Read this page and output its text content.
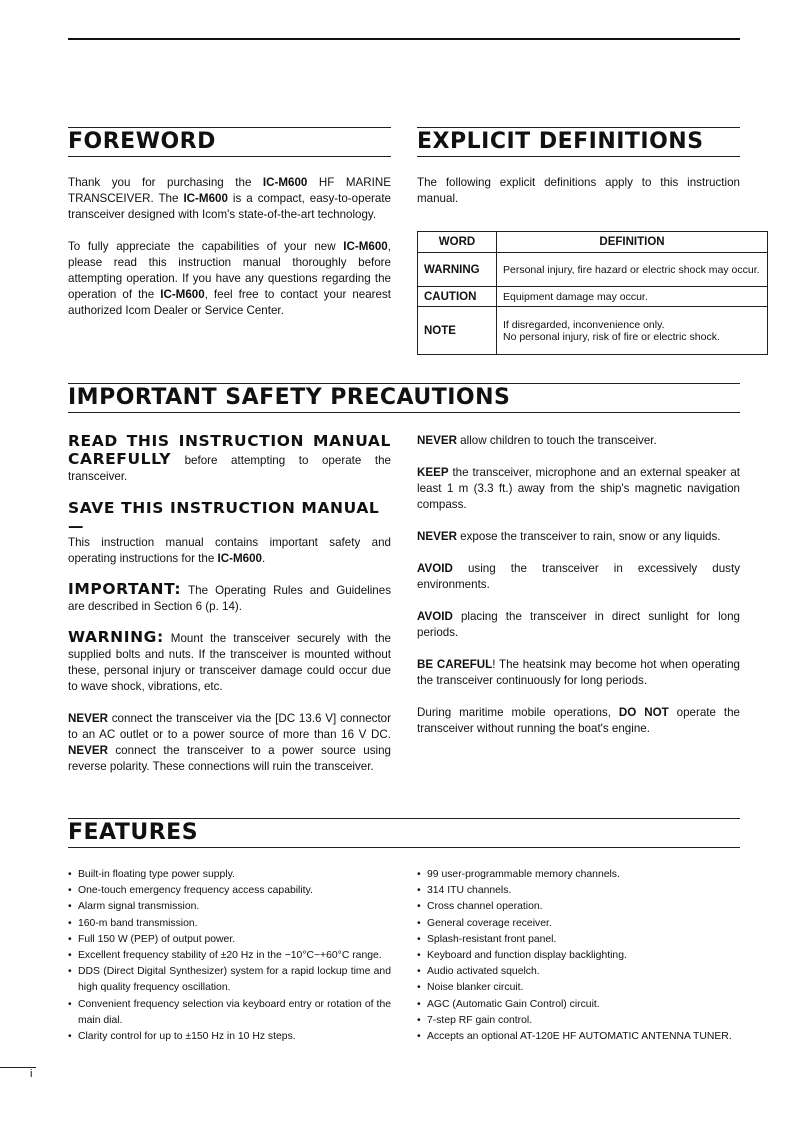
FOREWORD

Thank you for purchasing the IC-M600 HF MARINE TRANSCEIVER. The IC-M600 is a compact, easy-to-operate transceiver designed with Icom's state-of-the-art technology.

To fully appreciate the capabilities of your new IC-M600, please read this instruction manual thoroughly before attempting operation. If you have any questions regarding the operation of the IC-M600, feel free to contact your nearest authorized Icom Dealer or Service Center.

EXPLICIT DEFINITIONS

The following explicit definitions apply to this instruction manual.

WORD	DEFINITION
WARNING	Personal injury, fire hazard or electric shock may occur.
CAUTION	Equipment damage may occur.
NOTE	If disregarded, inconvenience only.
No personal injury, risk of fire or electric shock.
IMPORTANT SAFETY PRECAUTIONS

READ THIS INSTRUCTION MANUAL CAREFULLY before attempting to operate the transceiver.

SAVE THIS INSTRUCTION MANUAL —

This instruction manual contains important safety and operating instructions for the IC-M600.

IMPORTANT: The Operating Rules and Guidelines are described in Section 6 (p. 14).

WARNING: Mount the transceiver securely with the supplied bolts and nuts. If the transceiver is mounted without these, personal injury or transceiver damage could occur due to wave shock, vibrations, etc.

NEVER connect the transceiver via the [DC 13.6 V] connector to an AC outlet or to a power source of more than 16 V DC. NEVER connect the transceiver to a power source using reverse polarity. These connections will ruin the transceiver.

NEVER allow children to touch the transceiver.

KEEP the transceiver, microphone and an external speaker at least 1 m (3.3 ft.) away from the ship's magnetic navigation compass.

NEVER expose the transceiver to rain, snow or any liquids.

AVOID using the transceiver in excessively dusty environments.

AVOID placing the transceiver in direct sunlight for long periods.

BE CAREFUL! The heatsink may become hot when operating the transceiver continuously for long periods.

During maritime mobile operations, DO NOT operate the transceiver without running the boat's engine.

FEATURES
• Built-in floating type power supply.
• One-touch emergency frequency access capability.
• Alarm signal transmission.
• 160-m band transmission.
• Full 150 W (PEP) of output power.
• Excellent frequency stability of ±20 Hz in the −10°C~+60°C range.
• DDS (Direct Digital Synthesizer) system for a rapid lockup time and high quality frequency oscillation.
• Convenient frequency selection via keyboard entry or rotation of the main dial.
• Clarity control for up to ±150 Hz in 10 Hz steps.
• 99 user-programmable memory channels.
• 314 ITU channels.
• Cross channel operation.
• General coverage receiver.
• Splash-resistant front panel.
• Keyboard and function display backlighting.
• Audio activated squelch.
• Noise blanker circuit.
• AGC (Automatic Gain Control) circuit.
• 7-step RF gain control.
• Accepts an optional AT-120E HF AUTOMATIC ANTENNA TUNER.
i
